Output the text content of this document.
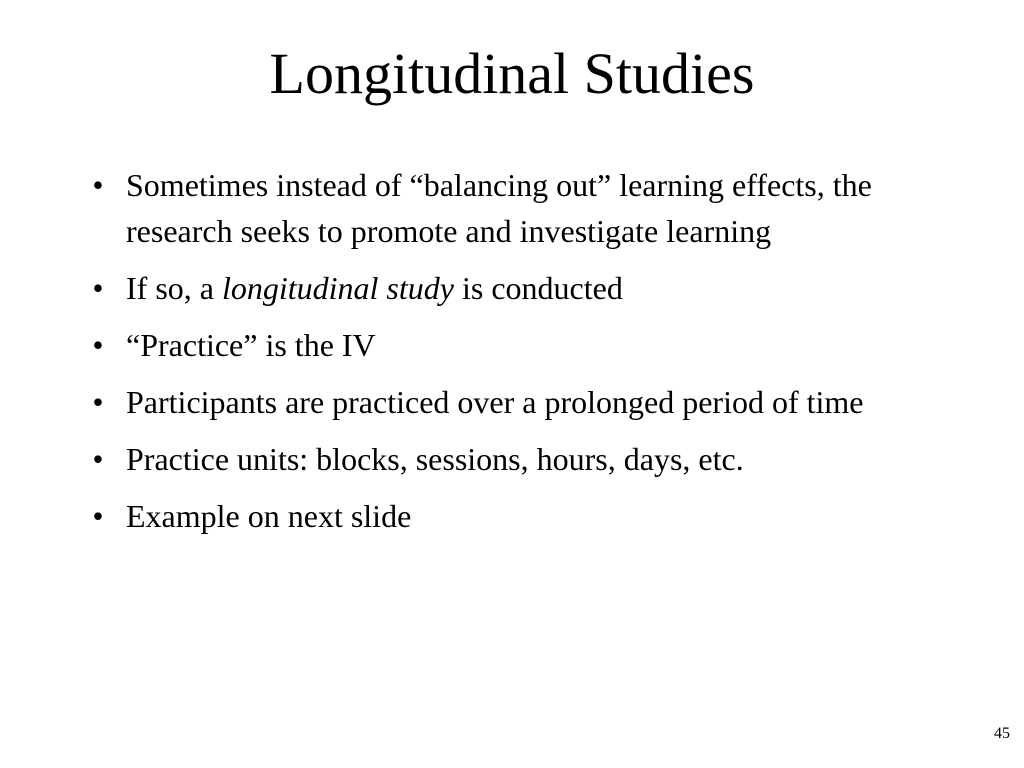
Longitudinal Studies
• Sometimes instead of “balancing out” learning effects, the research seeks to promote and investigate learning
• If so, a longitudinal study is conducted
• “Practice” is the IV
• Participants are practiced over a prolonged period of time
• Practice units: blocks, sessions, hours, days, etc.
• Example on next slide
45
